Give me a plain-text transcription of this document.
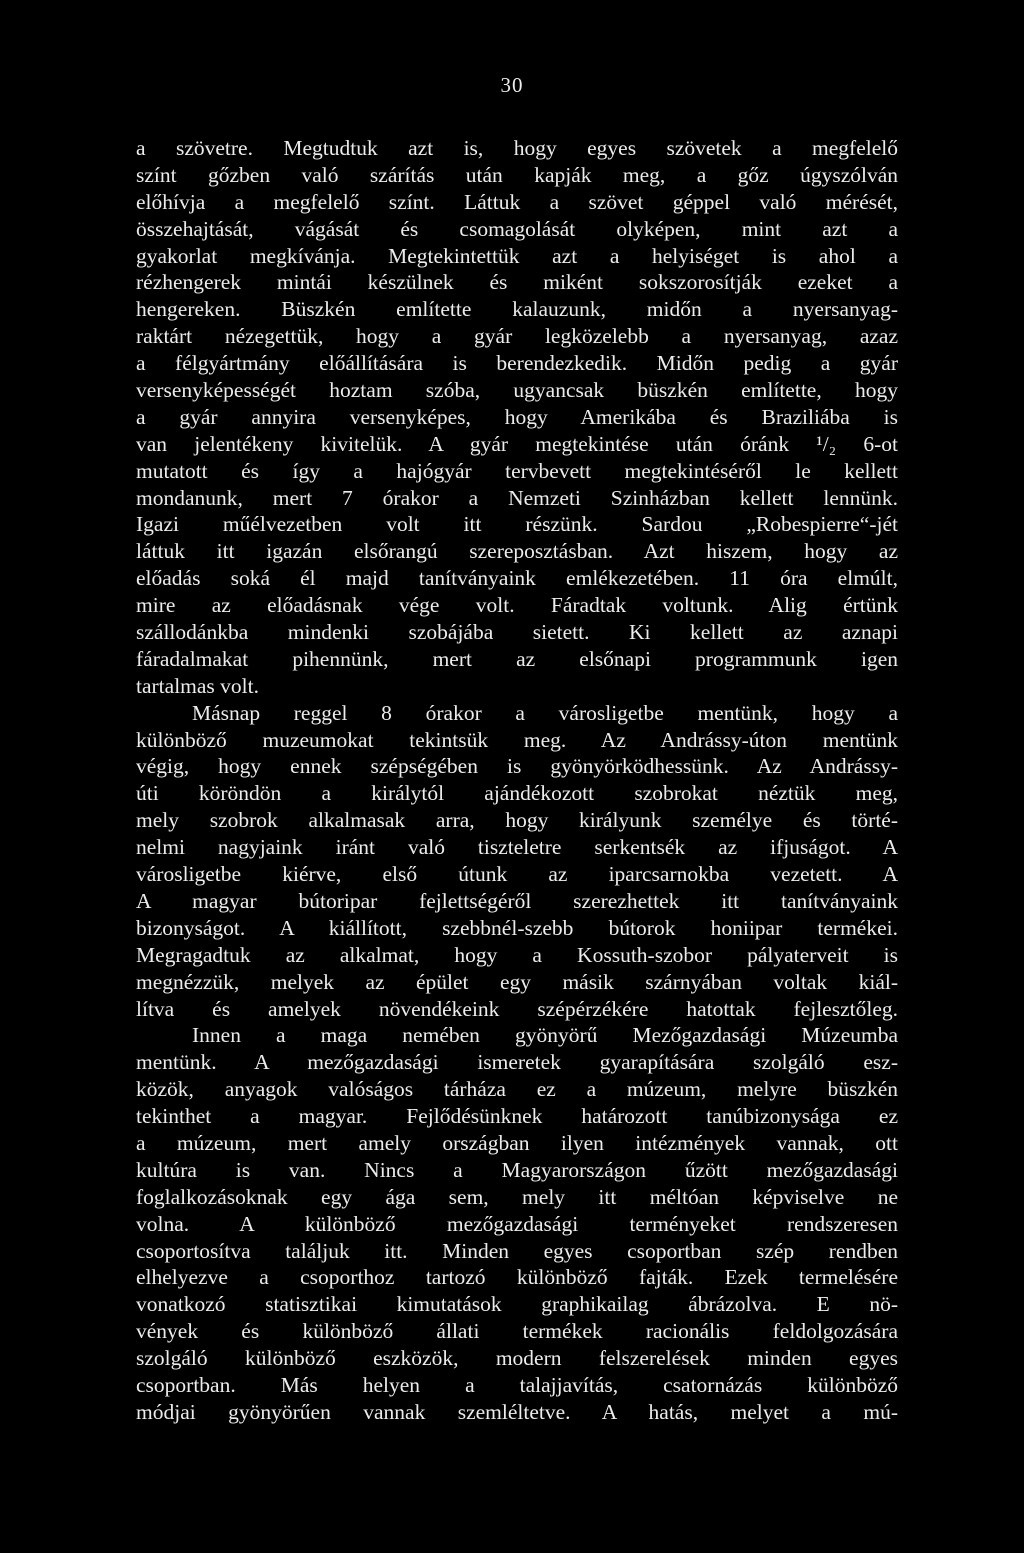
30
a szövetre. Megtudtuk azt is, hogy egyes szövetek a megfelelő
színt gőzben való szárítás után kapják meg, a gőz úgyszólván
előhívja a megfelelő színt. Láttuk a szövet géppel való mérését,
összehajtását, vágását és csomagolását olyképen, mint azt a
gyakorlat megkívánja. Megtekintettük azt a helyiséget is ahol a
rézhengerek mintái készülnek és miként sokszorosítják ezeket a
hengereken. Büszkén említette kalauzunk, midőn a nyersanyag-
raktárt nézegettük, hogy a gyár legközelebb a nyersanyag, azaz
a félgyártmány előállítására is berendezkedik. Midőn pedig a gyár
versenyképességét hoztam szóba, ugyancsak büszkén említette, hogy
a gyár annyira versenyképes, hogy Amerikába és Braziliába is
van jelentékeny kivitelük. A gyár megtekintése után óránk ¹/₂ 6-ot
mutatott és így a hajógyár tervbevett megtekintéséről le kellett
mondanunk, mert 7 órakor a Nemzeti Szinházban kellett lennünk.
Igazi műélvezetben volt itt részünk. Sardou „Robespierre“-jét
láttuk itt igazán elsőrangú szereposztásban. Azt hiszem, hogy az
előadás soká él majd tanítványaink emlékezetében. 11 óra elmúlt,
mire az előadásnak vége volt. Fáradtak voltunk. Alig értünk
szállodánkba mindenki szobájába sietett. Ki kellett az aznapi
fáradalmakat pihennünk, mert az elsőnapi programmunk igen
tartalmas volt.
Másnap reggel 8 órakor a városligetbe mentünk, hogy a
különböző muzeumokat tekintsük meg. Az Andrássy-úton mentünk
végig, hogy ennek szépségében is gyönyörködhessünk. Az Andrássy-
úti köröndön a királytól ajándékozott szobrokat néztük meg,
mely szobrok alkalmasak arra, hogy királyunk személye és törté-
nelmi nagyjaink iránt való tiszteletre serkentsék az ifjuságot. A
városligetbe kiérve, első útunk az iparcsarnokba vezetett. A
A magyar bútoripar fejlettségéről szerezhettek itt tanítványaink
bizonyságot. A kiállított, szebbnél-szebb bútorok honiipar termékei.
Megragadtuk az alkalmat, hogy a Kossuth-szobor pályaterveit is
megnézzük, melyek az épület egy másik szárnyában voltak kiál-
lítva és amelyek növendékeink szépérzékére hatottak fejlesztőleg.
Innen a maga nemében gyönyörű Mezőgazdasági Múzeumba
mentünk. A mezőgazdasági ismeretek gyarapítására szolgáló esz-
közök, anyagok valóságos tárháza ez a múzeum, melyre büszkén
tekinthet a magyar. Fejlődésünknek határozott tanúbizonysága ez
a múzeum, mert amely országban ilyen intézmények vannak, ott
kultúra is van. Nincs a Magyarországon űzött mezőgazdasági
foglalkozásoknak egy ága sem, mely itt méltóan képviselve ne
volna. A különböző mezőgazdasági terményeket rendszeresen
csoportosítva találjuk itt. Minden egyes csoportban szép rendben
elhelyezve a csoporthoz tartozó különböző fajták. Ezek termelésére
vonatkozó statisztikai kimutatások graphikailag ábrázolva. E nö-
vények és különböző állati termékek racionális feldolgozására
szolgáló különböző eszközök, modern felszerelések minden egyes
csoportban. Más helyen a talajjavítás, csatornázás különböző
módjai gyönyörűen vannak szemléltetve. A hatás, melyet a mú-
